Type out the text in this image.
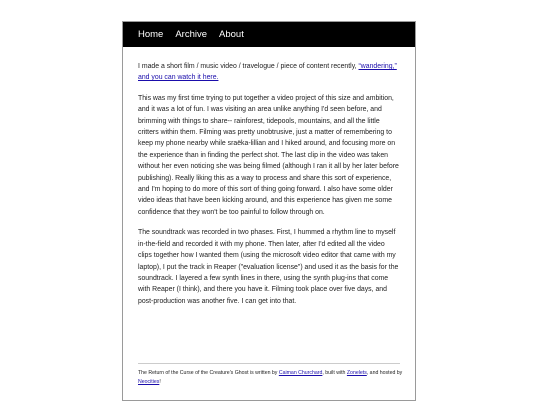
Home Archive About

I made a short film / music video / travelogue / piece of content recently, “wandering,” and you can watch it here.

This was my first time trying to put together a video project of this size and ambition, and it was a lot of fun. I was visiting an area unlike anything I'd seen before, and brimming with things to share-- rainforest, tidepools, mountains, and all the little critters within them. Filming was pretty unobtrusive, just a matter of remembering to keep my phone nearby while sraëka-lillian and I hiked around, and focusing more on the experience than in finding the perfect shot. The last clip in the video was taken without her even noticing she was being filmed (although I ran it all by her later before publishing). Really liking this as a way to process and share this sort of experience, and I'm hoping to do more of this sort of thing going forward. I also have some older video ideas that have been kicking around, and this experience has given me some confidence that they won't be too painful to follow through on.

The soundtrack was recorded in two phases. First, I hummed a rhythm line to myself in-the-field and recorded it with my phone. Then later, after I'd edited all the video clips together how I wanted them (using the microsoft video editor that came with my laptop), I put the track in Reaper ("evaluation license") and used it as the basis for the soundtrack. I layered a few synth lines in there, using the synth plug-ins that come with Reaper (I think), and there you have it. Filming took place over five days, and post-production was another five. I can get into that.

The Return of the Curse of the Creature's Ghost is written by Caiman Churchard, built with Zonelets, and hosted by Neocities!
